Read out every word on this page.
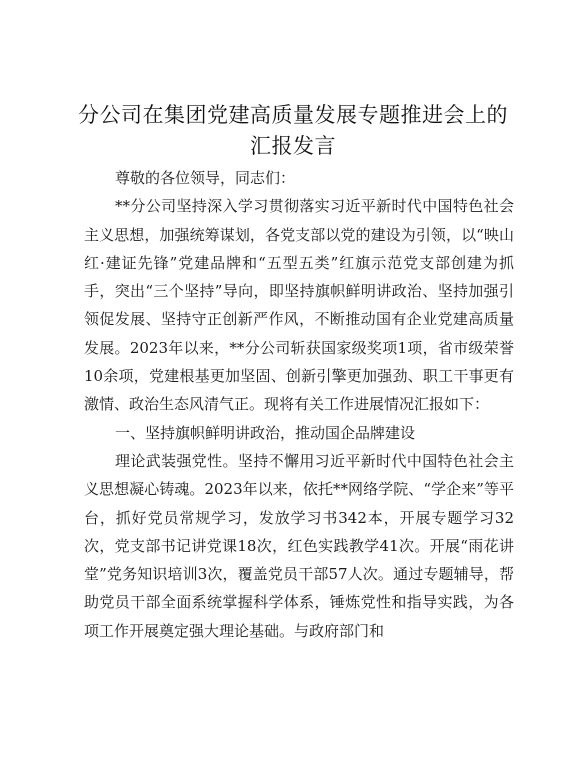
分公司在集团党建高质量发展专题推进会上的
汇报发言

尊敬的各位领导，同志们：

**分公司坚持深入学习贯彻落实习近平新时代中国特色社会主义思想，加强统筹谋划，各党支部以党的建设为引领，以“映山红·建证先锋”党建品牌和“五型五类”红旗示范党支部创建为抓手，突出“三个坚持”导向，即坚持旗帜鲜明讲政治、坚持加强引领促发展、坚持守正创新严作风，不断推动国有企业党建高质量发展。2023年以来，**分公司斩获国家级奖项1项，省市级荣誉10余项，党建根基更加坚固、创新引擎更加强劲、职工干事更有激情、政治生态风清气正。现将有关工作进展情况汇报如下：

一、坚持旗帜鲜明讲政治，推动国企品牌建设

理论武装强党性。坚持不懈用习近平新时代中国特色社会主义思想凝心铸魂。2023年以来，依托**网络学院、“学企来”等平台，抓好党员常规学习，发放学习书342本，开展专题学习32次，党支部书记讲党课18次，红色实践教学41次。开展“雨花讲堂”党务知识培训3次，覆盖党员干部57人次。通过专题辅导，帮助党员干部全面系统掌握科学体系，锤炼党性和指导实践，为各项工作开展奠定强大理论基础。与政府部门和
